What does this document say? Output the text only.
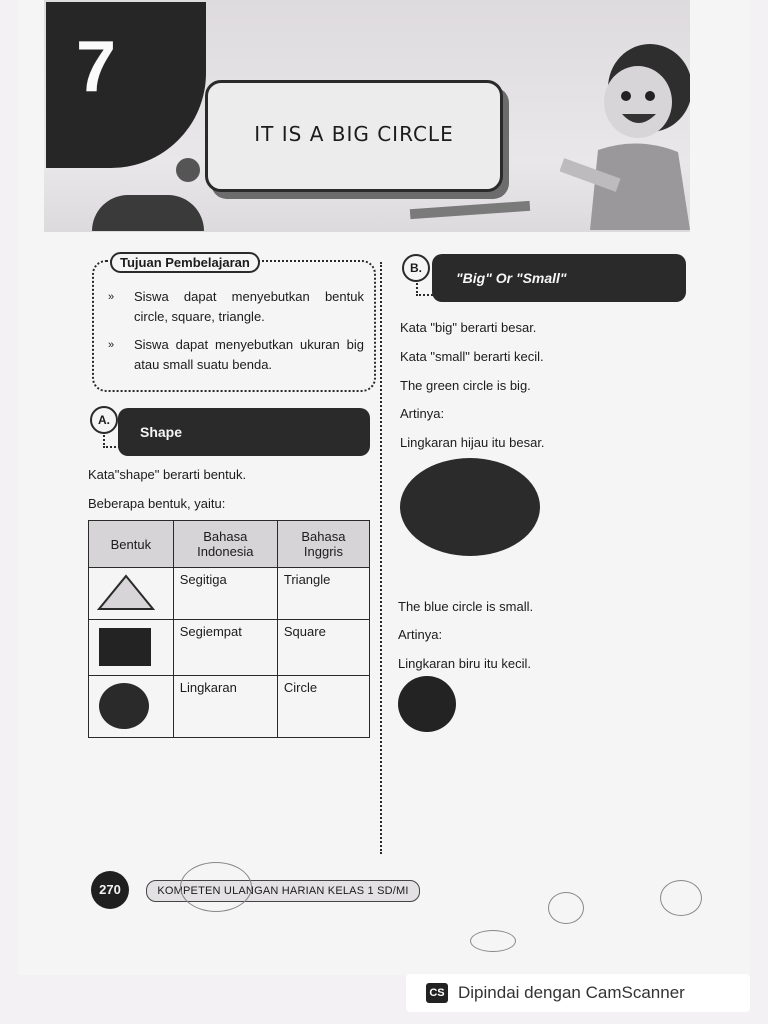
7
IT IS A BIG CIRCLE
Tujuan Pembelajaran
» Siswa dapat menyebutkan bentuk circle, square, triangle.
» Siswa dapat menyebutkan ukuran big atau small suatu benda.
A.
Shape
Kata"shape" berarti bentuk.
Beberapa bentuk, yaitu:
Bentuk	Bahasa Indonesia	Bahasa Inggris
	Segitiga	Triangle
	Segiempat	Square
	Lingkaran	Circle
B.
"Big" Or "Small"
Kata "big" berarti besar.
Kata "small" berarti kecil.
The green circle is big.
Artinya:
Lingkaran hijau itu besar.
The blue circle is small.
Artinya:
Lingkaran biru itu kecil.
270	KOMPETEN ULANGAN HARIAN KELAS 1 SD/MI
CS Dipindai dengan CamScanner
